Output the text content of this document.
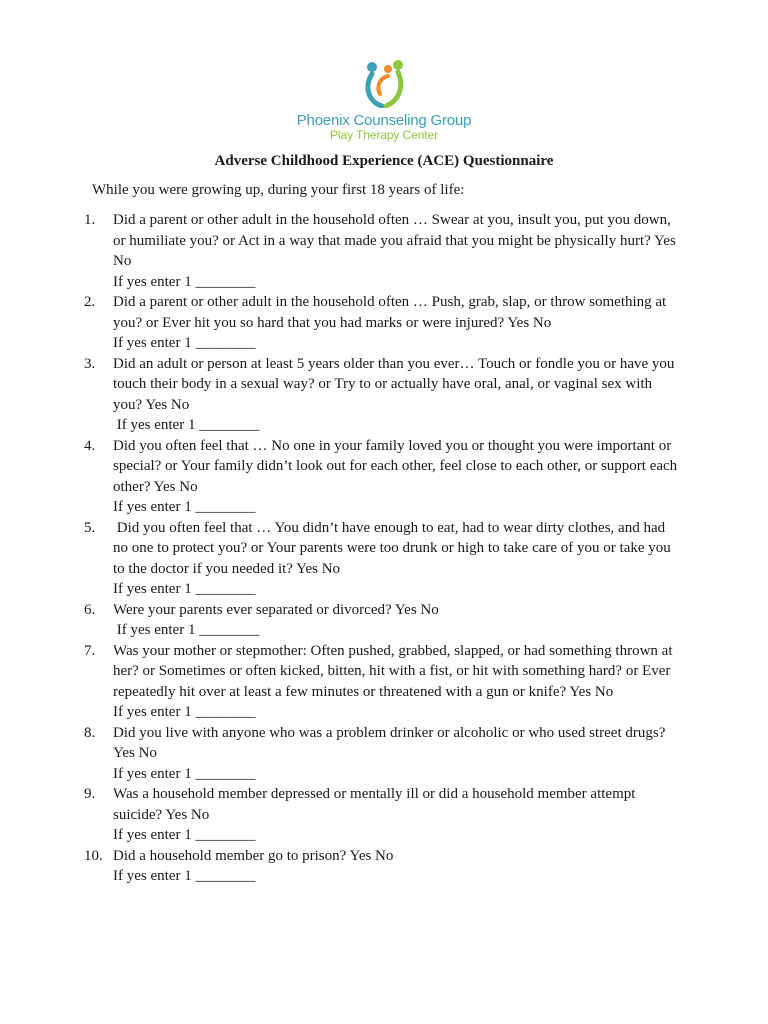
Phoenix Counseling Group
Play Therapy Center
Adverse Childhood Experience (ACE) Questionnaire
While you were growing up, during your first 18 years of life:
1.	Did a parent or other adult in the household often … Swear at you, insult you, put you down, or humiliate you? or Act in a way that made you afraid that you might be physically hurt? Yes No
If yes enter 1 ________
2.	Did a parent or other adult in the household often … Push, grab, slap, or throw something at you? or Ever hit you so hard that you had marks or were injured? Yes No
If yes enter 1 ________
3.	Did an adult or person at least 5 years older than you ever… Touch or fondle you or have you touch their body in a sexual way? or Try to or actually have oral, anal, or vaginal sex with you? Yes No
If yes enter 1 ________
4.	Did you often feel that … No one in your family loved you or thought you were important or special? or Your family didn’t look out for each other, feel close to each other, or support each other? Yes No
If yes enter 1 ________
5.	Did you often feel that … You didn’t have enough to eat, had to wear dirty clothes, and had no one to protect you? or Your parents were too drunk or high to take care of you or take you to the doctor if you needed it? Yes No
If yes enter 1 ________
6.	Were your parents ever separated or divorced? Yes No
If yes enter 1 ________
7.	Was your mother or stepmother: Often pushed, grabbed, slapped, or had something thrown at her? or Sometimes or often kicked, bitten, hit with a fist, or hit with something hard? or Ever repeatedly hit over at least a few minutes or threatened with a gun or knife? Yes No
If yes enter 1 ________
8.	Did you live with anyone who was a problem drinker or alcoholic or who used street drugs? Yes No
If yes enter 1 ________
9.	Was a household member depressed or mentally ill or did a household member attempt suicide? Yes No
If yes enter 1 ________
10. Did a household member go to prison? Yes No
If yes enter 1 ________
